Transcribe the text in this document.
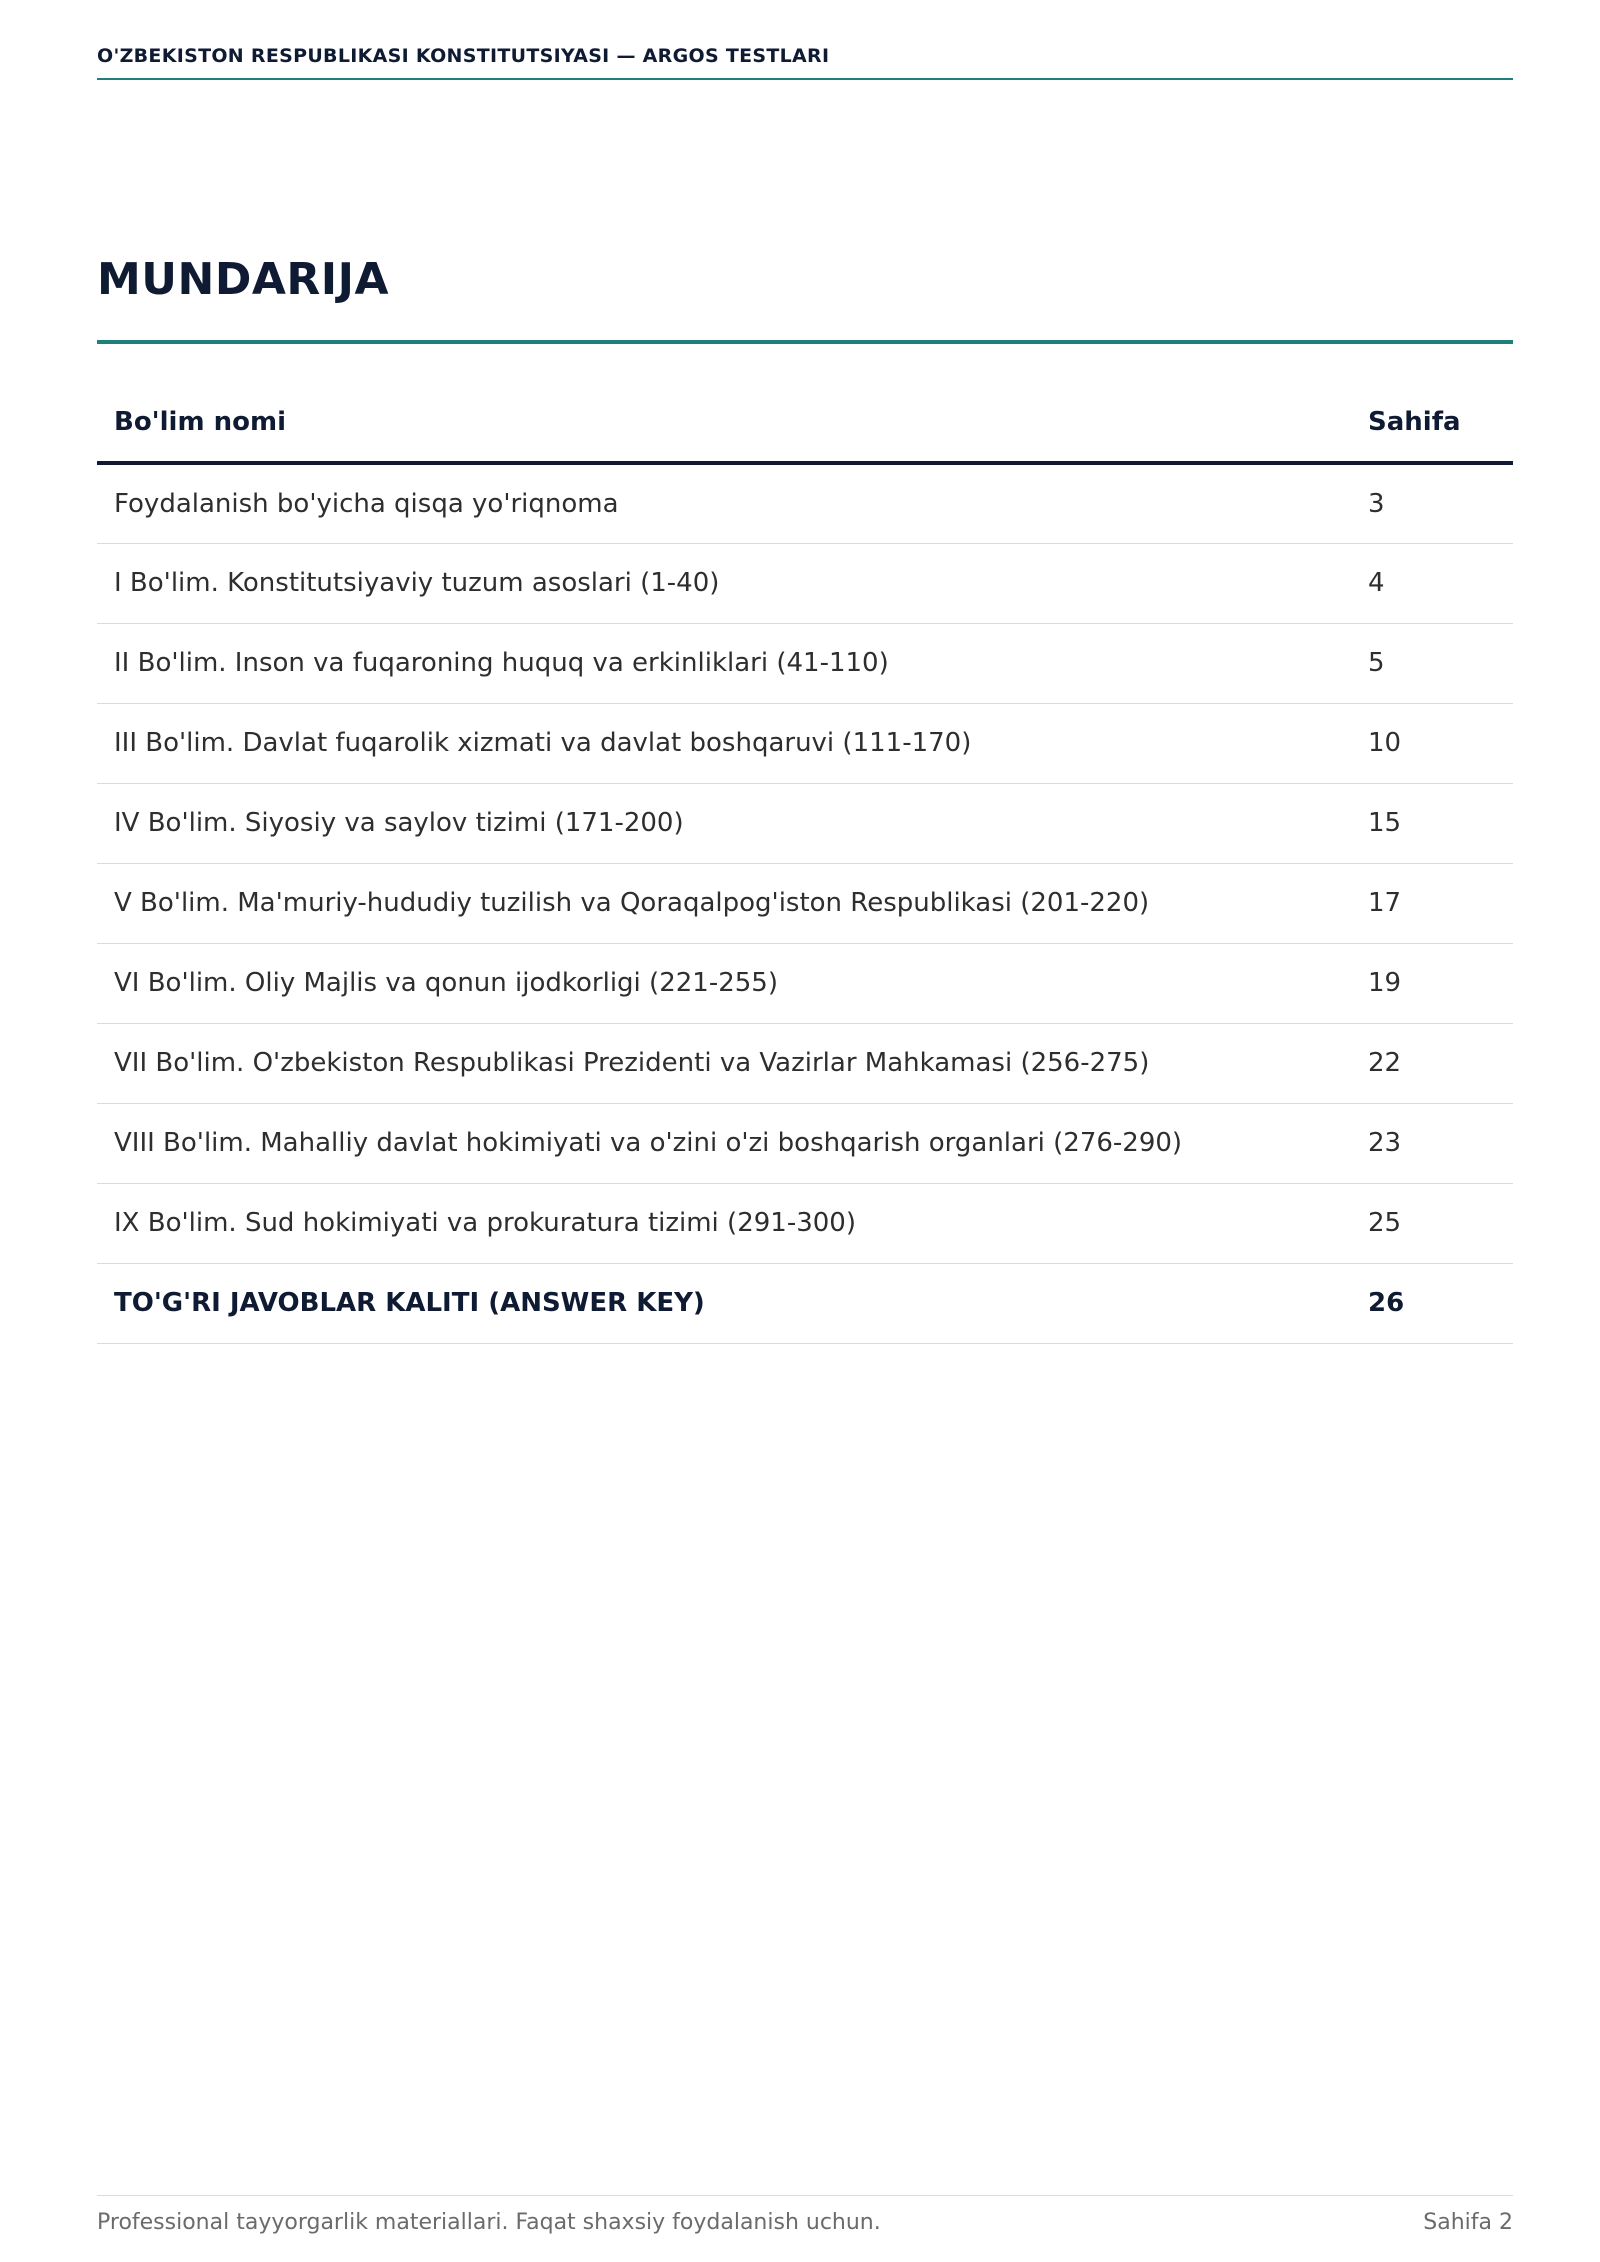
O'ZBEKISTON RESPUBLIKASI KONSTITUTSIYASI — ARGOS TESTLARI
MUNDARIJA
Bo'lim nomi	Sahifa
Foydalanish bo'yicha qisqa yo'riqnoma	3
I Bo'lim. Konstitutsiyaviy tuzum asoslari (1-40)	4
II Bo'lim. Inson va fuqaroning huquq va erkinliklari (41-110)	5
III Bo'lim. Davlat fuqarolik xizmati va davlat boshqaruvi (111-170)	10
IV Bo'lim. Siyosiy va saylov tizimi (171-200)	15
V Bo'lim. Ma'muriy-hududiy tuzilish va Qoraqalpog'iston Respublikasi (201-220)	17
VI Bo'lim. Oliy Majlis va qonun ijodkorligi (221-255)	19
VII Bo'lim. O'zbekiston Respublikasi Prezidenti va Vazirlar Mahkamasi (256-275)	22
VIII Bo'lim. Mahalliy davlat hokimiyati va o'zini o'zi boshqarish organlari (276-290)	23
IX Bo'lim. Sud hokimiyati va prokuratura tizimi (291-300)	25
TO'G'RI JAVOBLAR KALITI (ANSWER KEY)	26
Professional tayyorgarlik materiallari. Faqat shaxsiy foydalanish uchun.	Sahifa 2
